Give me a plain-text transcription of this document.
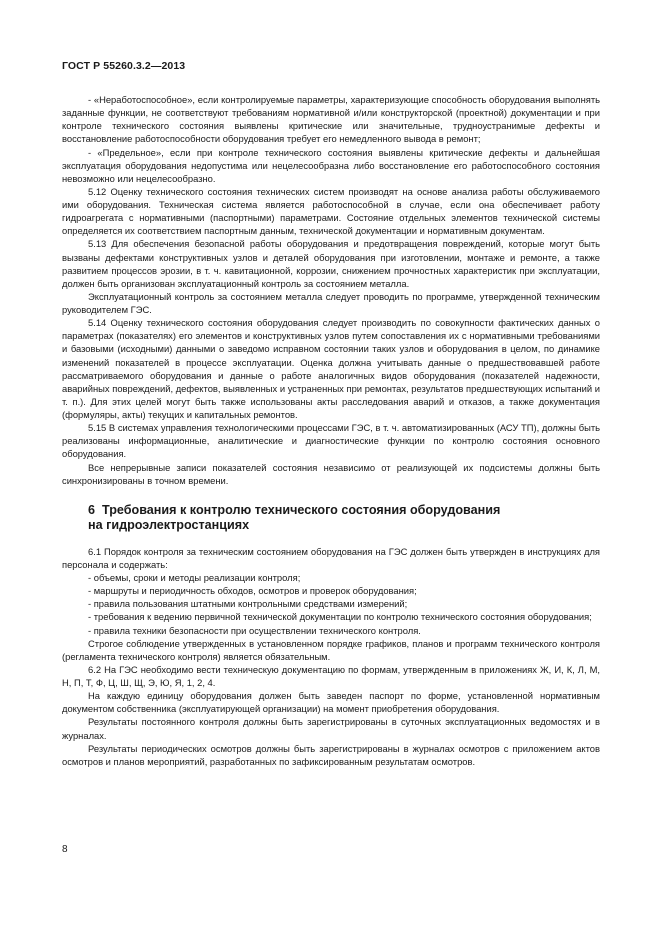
ГОСТ Р 55260.3.2—2013

- «Неработоспособное», если контролируемые параметры, характеризующие способность оборудования выполнять заданные функции, не соответствуют требованиям нормативной и/или конструкторской (проектной) документации и при контроле технического состояния выявлены критические или значительные, трудноустранимые дефекты и восстановление работоспособности оборудования требует его немедленного вывода в ремонт;

- «Предельное», если при контроле технического состояния выявлены критические дефекты и дальнейшая эксплуатация оборудования недопустима или нецелесообразна либо восстановление его работоспособного состояния невозможно или нецелесообразно.

5.12 Оценку технического состояния технических систем производят на основе анализа работы обслуживаемого ими оборудования. Техническая система является работоспособной в случае, если она обеспечивает работу гидроагрегата с нормативными (паспортными) параметрами. Состояние отдельных элементов технической системы определяется их соответствием паспортным данным, технической документации и нормативным документам.

5.13 Для обеспечения безопасной работы оборудования и предотвращения повреждений, которые могут быть вызваны дефектами конструктивных узлов и деталей оборудования при изготовлении, монтаже и ремонте, а также развитием процессов эрозии, в т. ч. кавитационной, коррозии, снижением прочностных характеристик при эксплуатации, должен быть организован эксплуатационный контроль за состоянием металла.

Эксплуатационный контроль за состоянием металла следует проводить по программе, утвержденной техническим руководителем ГЭС.

5.14 Оценку технического состояния оборудования следует производить по совокупности фактических данных о параметрах (показателях) его элементов и конструктивных узлов путем сопоставления их с нормативными требованиями и базовыми (исходными) данными о заведомо исправном состоянии таких узлов и оборудования в целом, по динамике изменений показателей в процессе эксплуатации. Оценка должна учитывать данные о предшествовавшей работе рассматриваемого оборудования и данные о работе аналогичных видов оборудования (показателей надежности, аварийных повреждений, дефектов, выявленных и устраненных при ремонтах, результатов предшествующих испытаний и т. п.). Для этих целей могут быть также использованы акты расследования аварий и отказов, а также документация (формуляры, акты) текущих и капитальных ремонтов.

5.15 В системах управления технологическими процессами ГЭС, в т. ч. автоматизированных (АСУ ТП), должны быть реализованы информационные, аналитические и диагностические функции по контролю состояния основного оборудования.

Все непрерывные записи показателей состояния независимо от реализующей их подсистемы должны быть синхронизированы в точном времени.

6 Требования к контролю технического состояния оборудования
на гидроэлектростанциях

6.1 Порядок контроля за техническим состоянием оборудования на ГЭС должен быть утвержден в инструкциях для персонала и содержать:

- объемы, сроки и методы реализации контроля;

- маршруты и периодичность обходов, осмотров и проверок оборудования;

- правила пользования штатными контрольными средствами измерений;

- требования к ведению первичной технической документации по контролю технического состояния оборудования;

- правила техники безопасности при осуществлении технического контроля.

Строгое соблюдение утвержденных в установленном порядке графиков, планов и программ технического контроля (регламента технического контроля) является обязательным.

6.2 На ГЭС необходимо вести техническую документацию по формам, утвержденным в приложениях Ж, И, К, Л, М, Н, П, Т, Ф, Ц, Ш, Щ, Э, Ю, Я, 1, 2, 4.

На каждую единицу оборудования должен быть заведен паспорт по форме, установленной нормативным документом собственника (эксплуатирующей организации) на момент приобретения оборудования.

Результаты постоянного контроля должны быть зарегистрированы в суточных эксплуатационных ведомостях и в журналах.

Результаты периодических осмотров должны быть зарегистрированы в журналах осмотров с приложением актов осмотров и планов мероприятий, разработанных по зафиксированным результатам осмотров.

8
